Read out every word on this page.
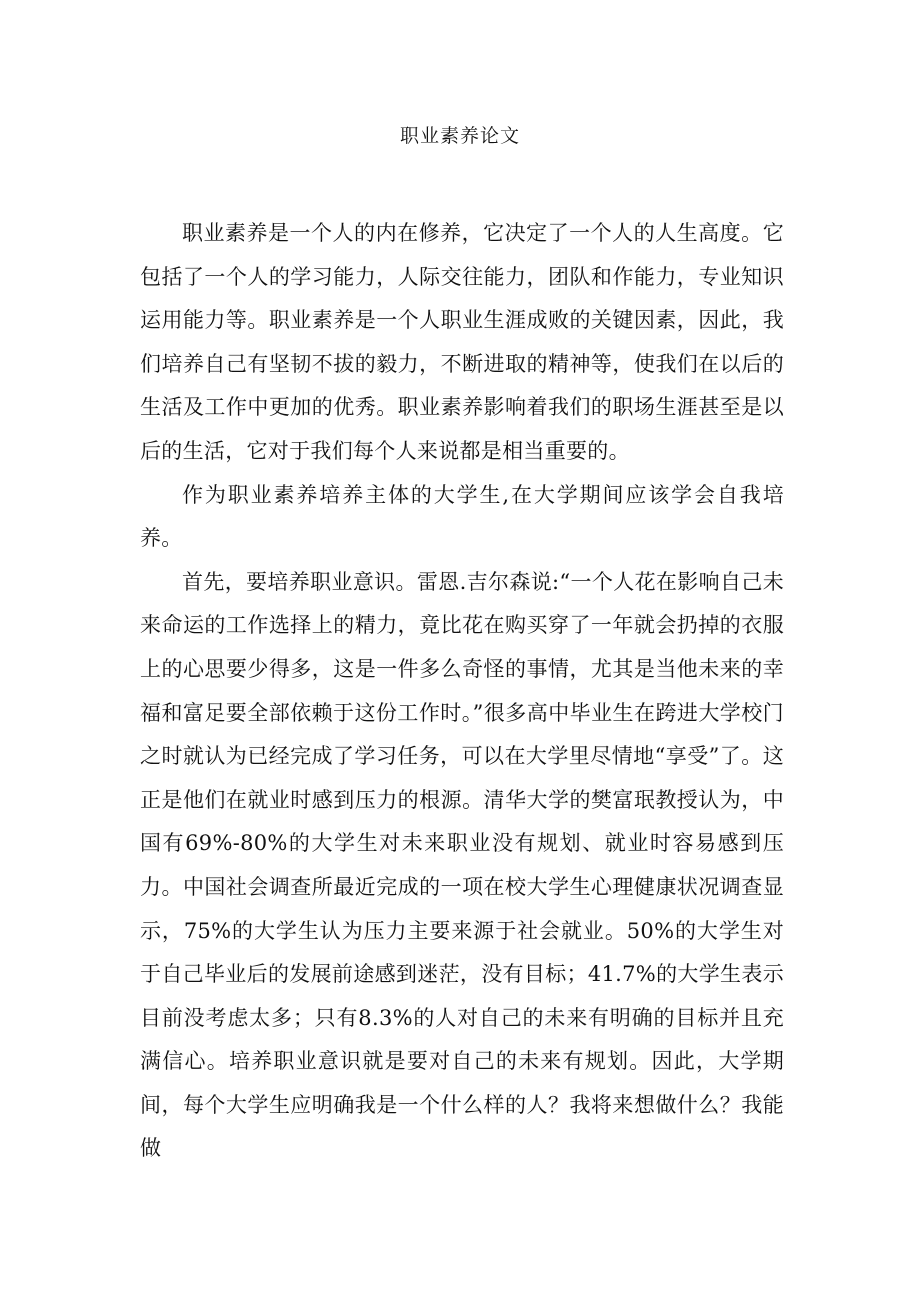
职业素养论文

职业素养是一个人的内在修养，它决定了一个人的人生高度。它包括了一个人的学习能力，人际交往能力，团队和作能力，专业知识运用能力等。职业素养是一个人职业生涯成败的关键因素，因此，我们培养自己有坚韧不拔的毅力，不断进取的精神等，使我们在以后的生活及工作中更加的优秀。职业素养影响着我们的职场生涯甚至是以后的生活，它对于我们每个人来说都是相当重要的。

作为职业素养培养主体的大学生,在大学期间应该学会自我培养。

首先，要培养职业意识。雷恩.吉尔森说:“一个人花在影响自己未来命运的工作选择上的精力，竟比花在购买穿了一年就会扔掉的衣服上的心思要少得多，这是一件多么奇怪的事情，尤其是当他未来的幸福和富足要全部依赖于这份工作时。”很多高中毕业生在跨进大学校门之时就认为已经完成了学习任务，可以在大学里尽情地“享受”了。这正是他们在就业时感到压力的根源。清华大学的樊富珉教授认为，中国有69%-80%的大学生对未来职业没有规划、就业时容易感到压力。中国社会调查所最近完成的一项在校大学生心理健康状况调查显示，75%的大学生认为压力主要来源于社会就业。50%的大学生对于自己毕业后的发展前途感到迷茫，没有目标；41.7%的大学生表示目前没考虑太多；只有8.3%的人对自己的未来有明确的目标并且充满信心。培养职业意识就是要对自己的未来有规划。因此，大学期间，每个大学生应明确我是一个什么样的人？我将来想做什么？我能做
